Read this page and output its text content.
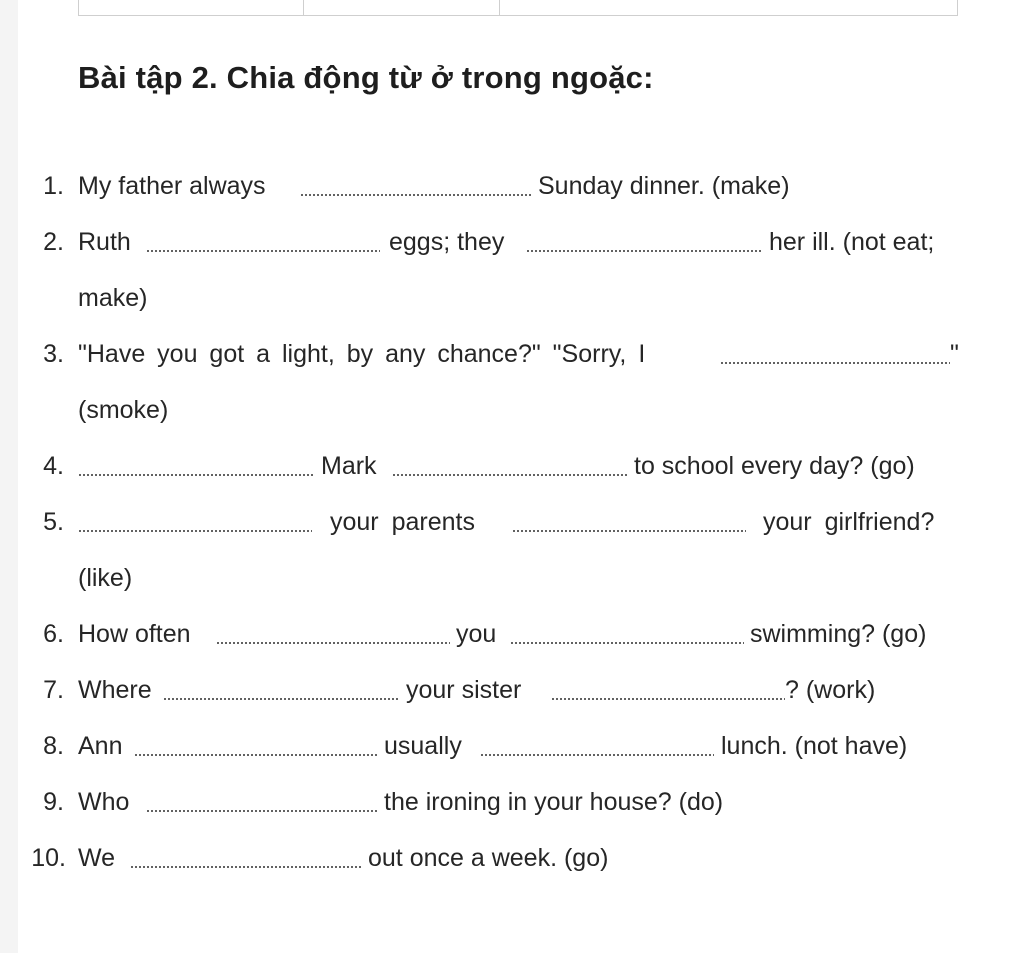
Bài tập 2. Chia động từ ở trong ngoặc:
1. My father always	Sunday dinner. (make)
2. Ruth	eggs; they	her ill. (not eat;
make)
3. "Have you got a light, by any chance?" "Sorry, I	"
(smoke)
4.	Mark	to school every day? (go)
5.	your parents	your girlfriend?
(like)
6. How often	you	swimming? (go)
7. Where	your sister	? (work)
8. Ann	usually	lunch. (not have)
9. Who	the ironing in your house? (do)
10. We	out once a week. (go)
